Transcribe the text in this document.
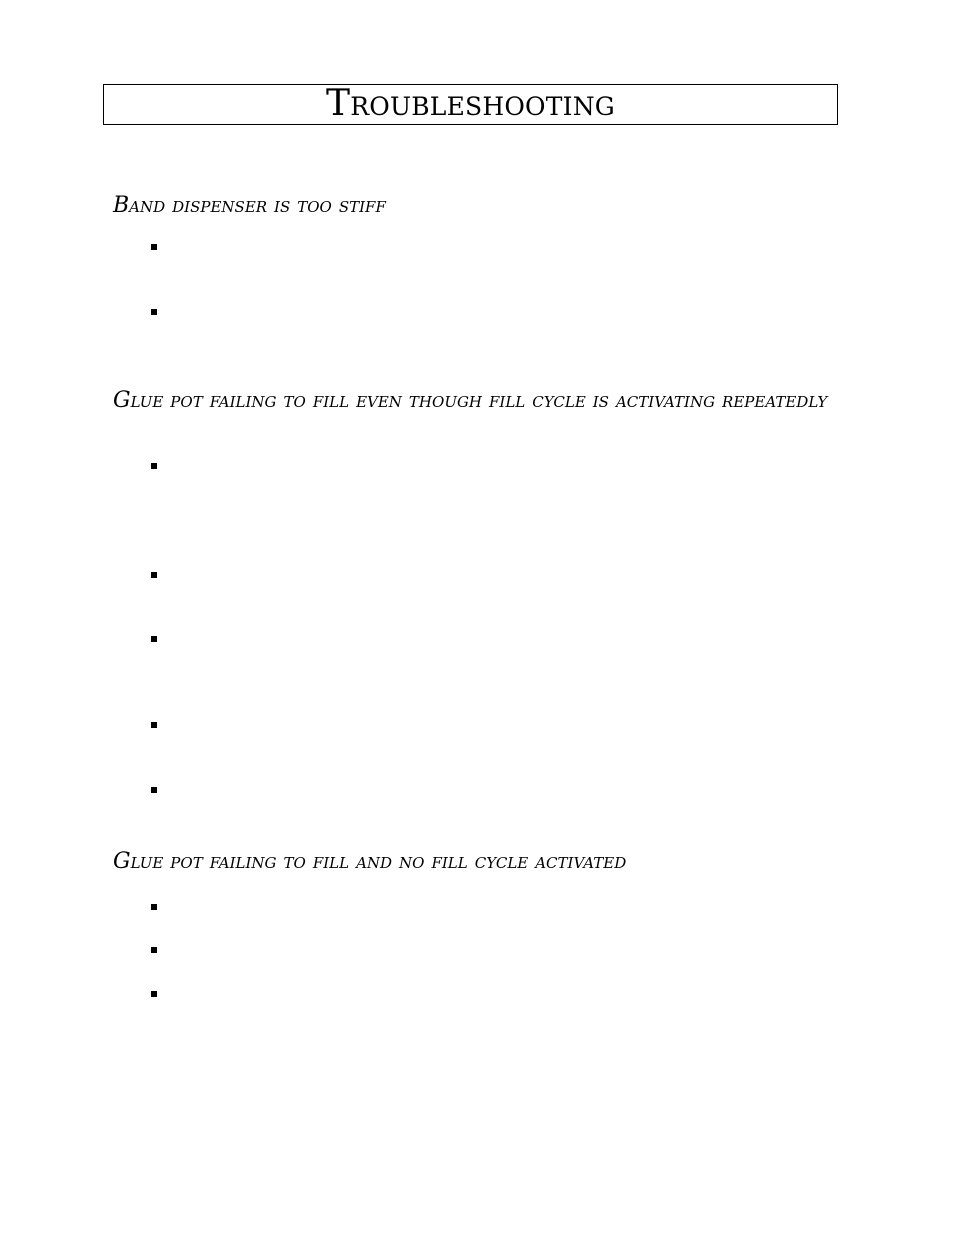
Troubleshooting
Band dispenser is too stiff
Glue pot failing to fill even though fill cycle is activating repeatedly
Glue pot failing to fill and no fill cycle activated
